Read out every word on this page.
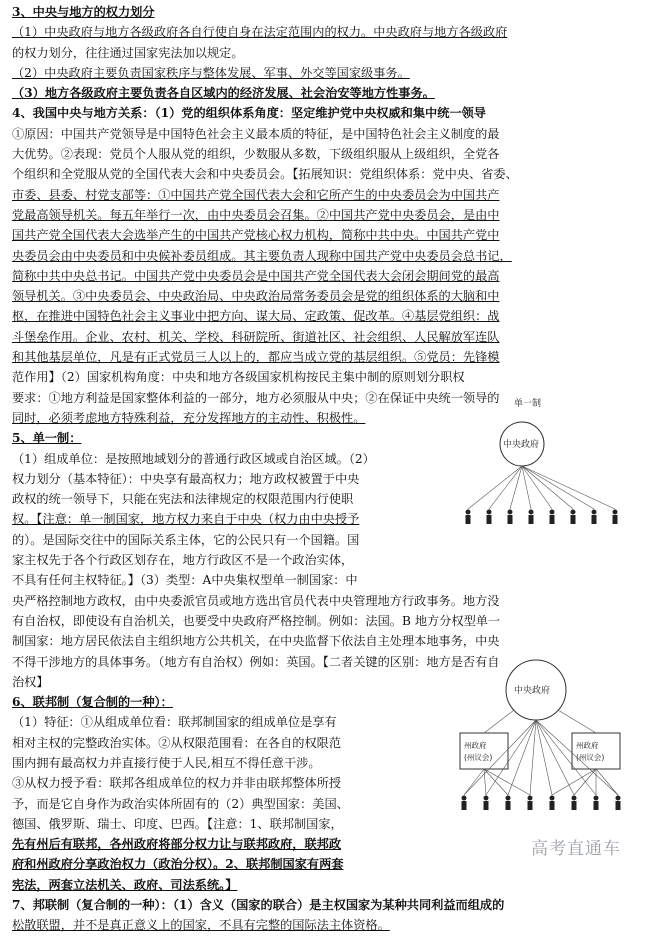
3、中央与地方的权力划分
（1）中央政府与地方各级政府各自行使自身在法定范围内的权力。中央政府与地方各级政府
的权力划分，往往通过国家宪法加以规定。
（2）中央政府主要负责国家秩序与整体发展、军事、外交等国家级事务。
（3）地方各级政府主要负责各自区域内的经济发展、社会治安等地方性事务。
4、我国中央与地方关系：（1）党的组织体系角度：坚定维护党中央权威和集中统一领导
①原因：中国共产党领导是中国特色社会主义最本质的特征，是中国特色社会主义制度的最
大优势。②表现：党员个人服从党的组织，少数服从多数，下级组织服从上级组织，全党各
个组织和全党服从党的全国代表大会和中央委员会。【拓展知识：党组织体系：党中央、省委、
市委、县委、村党支部等：①中国共产党全国代表大会和它所产生的中央委员会为中国共产
党最高领导机关。每五年举行一次，由中央委员会召集。②中国共产党中央委员会，是由中
国共产党全国代表大会选举产生的中国共产党核心权力机构，简称中共中央。中国共产党中
央委员会由中央委员和中央候补委员组成。其主要负责人现称中国共产党中央委员会总书记，
简称中共中央总书记。中国共产党中央委员会是中国共产党全国代表大会闭会期间党的最高
领导机关。③中央委员会、中央政治局、中央政治局常务委员会是党的组织体系的大脑和中
枢，在推进中国特色社会主义事业中把方向、谋大局、定政策、促改革。④基层党组织：战
斗堡垒作用。企业、农村、机关、学校、科研院所、街道社区、社会组织、人民解放军连队
和其他基层单位，凡是有正式党员三人以上的，都应当成立党的基层组织。⑤党员：先锋模
范作用】（2）国家机构角度：中央和地方各级国家机构按民主集中制的原则划分职权
要求：①地方利益是国家整体利益的一部分，地方必须服从中央；②在保证中央统一领导的
同时，必须考虑地方特殊利益，充分发挥地方的主动性、积极性。
5、单一制：
（1）组成单位：是按照地域划分的普通行政区域或自治区域。（2）
权力划分（基本特征）：中央享有最高权力；地方政权被置于中央
政权的统一领导下，只能在宪法和法律规定的权限范围内行使职
权。【注意：单一制国家，地方权力来自于中央（权力由中央授予
的）。是国际交往中的国际关系主体，它的公民只有一个国籍。国
家主权先于各个行政区划存在，地方行政区不是一个政治实体，
不具有任何主权特征。】（3）类型：A中央集权型单一制国家：中
央严格控制地方政权，由中央委派官员或地方选出官员代表中央管理地方行政事务。地方没
有自治权，即使设有自治机关，也要受中央政府严格控制。例如：法国。B 地方分权型单一
制国家：地方居民依法自主组织地方公共机关，在中央监督下依法自主处理本地事务，中央
不得干涉地方的具体事务。（地方有自治权）例如：英国。【二者关键的区别：地方是否有自
治权】
6、联邦制（复合制的一种）：
（1）特征：①从组成单位看：联邦制国家的组成单位是享有
相对主权的完整政治实体。②从权限范围看：在各自的权限范
围内拥有最高权力并直接行使于人民,相互不得任意干涉。
③从权力授予看：联邦各组成单位的权力并非由联邦整体所授
予，而是它自身作为政治实体所固有的（2）典型国家：美国、
德国、俄罗斯、瑞士、印度、巴西。【注意：1、联邦制国家，
先有州后有联邦，各州政府将部分权力让与联邦政府，联邦政
府和州政府分享政治权力（政治分权）。2、联邦制国家有两套
宪法，两套立法机关、政府、司法系统。】
7、邦联制（复合制的一种）：（1）含义（国家的联合）是主权国家为某种共同利益而组成的
松散联盟，并不是真正意义上的国家，不具有完整的国际法主体资格。
单一制
中央政府
中央政府
州政府
(州议会)
州政府
(州议会)
高考直通车
